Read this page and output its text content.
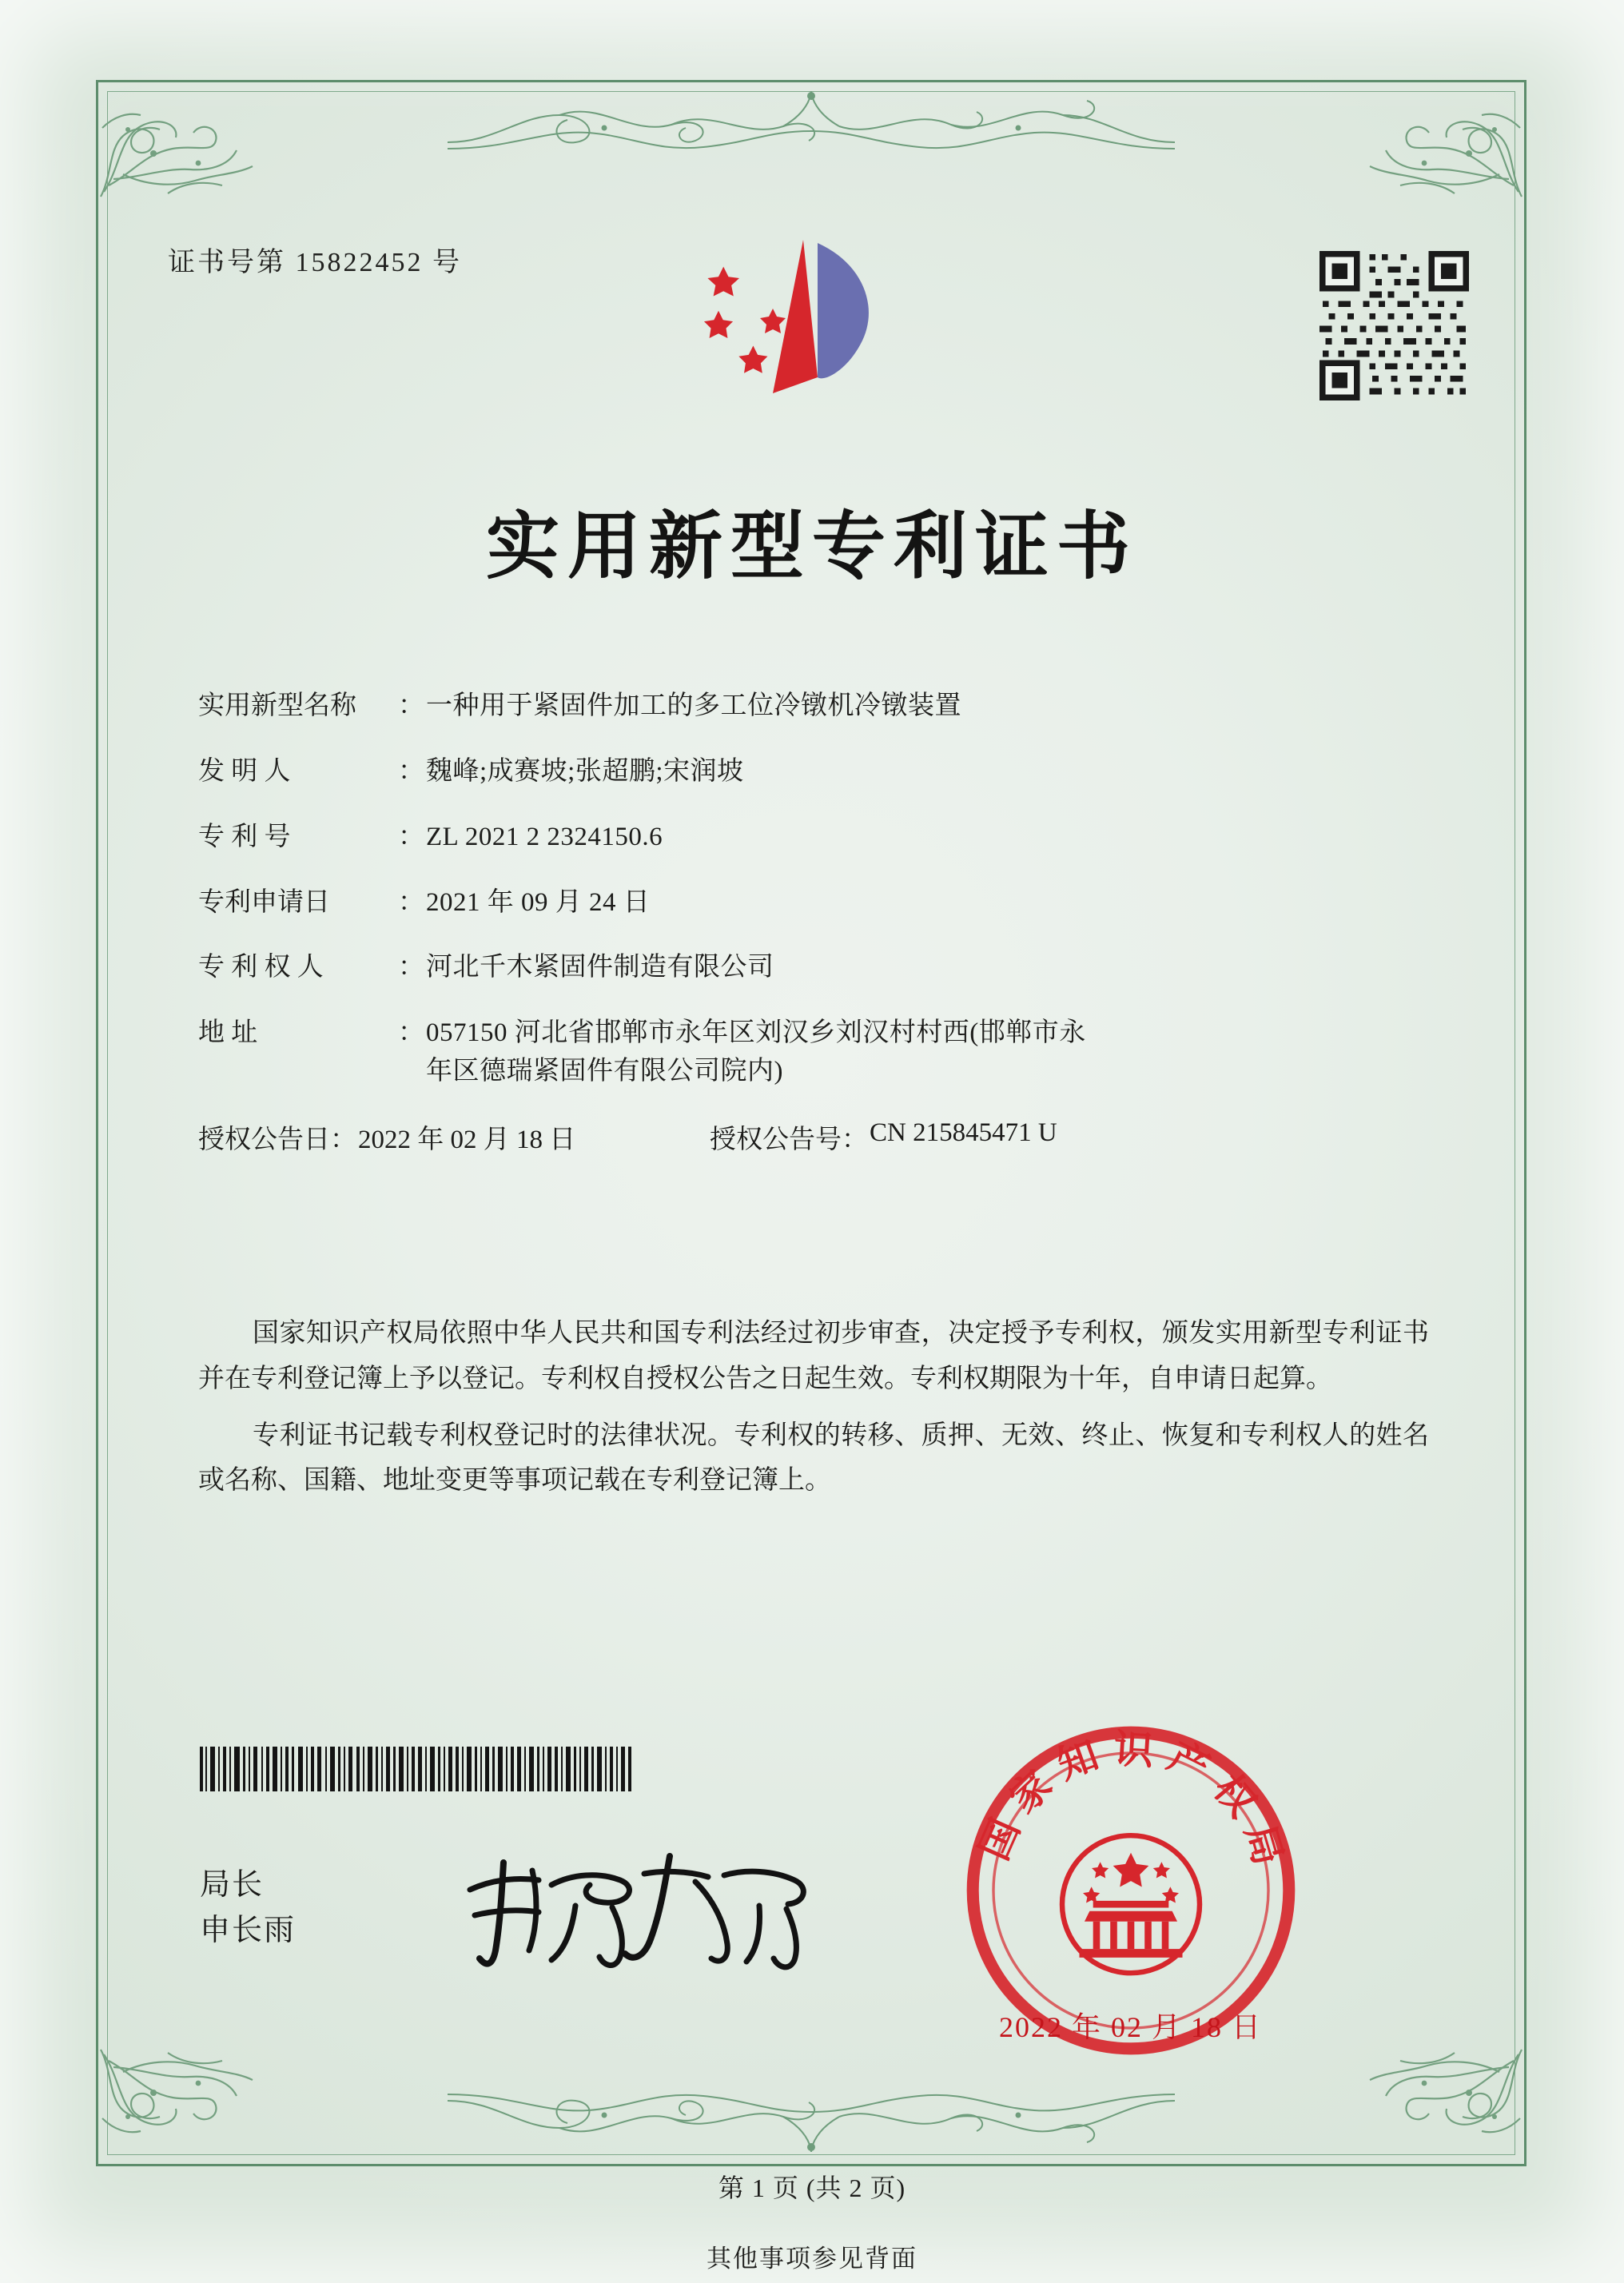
证书号第 15822452 号
实用新型专利证书
实用新型名称	： 一种用于紧固件加工的多工位冷镦机冷镦装置
发 明 人	： 魏峰;成赛坡;张超鹏;宋润坡
专 利 号	： ZL 2021 2 2324150.6
专利申请日	： 2021 年 09 月 24 日
专 利 权 人	： 河北千木紧固件制造有限公司
地 址	： 057150 河北省邯郸市永年区刘汉乡刘汉村村西(邯郸市永
年区德瑞紧固件有限公司院内)
授权公告日 ： 2022 年 02 月 18 日	授权公告号 ： CN 215845471 U

国家知识产权局依照中华人民共和国专利法经过初步审查，决定授予专利权，颁发实用新型专利证书并在专利登记簿上予以登记。专利权自授权公告之日起生效。专利权期限为十年，自申请日起算。

专利证书记载专利权登记时的法律状况。专利权的转移、质押、无效、终止、恢复和专利权人的姓名或名称、国籍、地址变更等事项记载在专利登记簿上。

局长
申长雨
国家知识产权局
2022 年 02 月 18 日
第 1 页 (共 2 页)
其他事项参见背面
